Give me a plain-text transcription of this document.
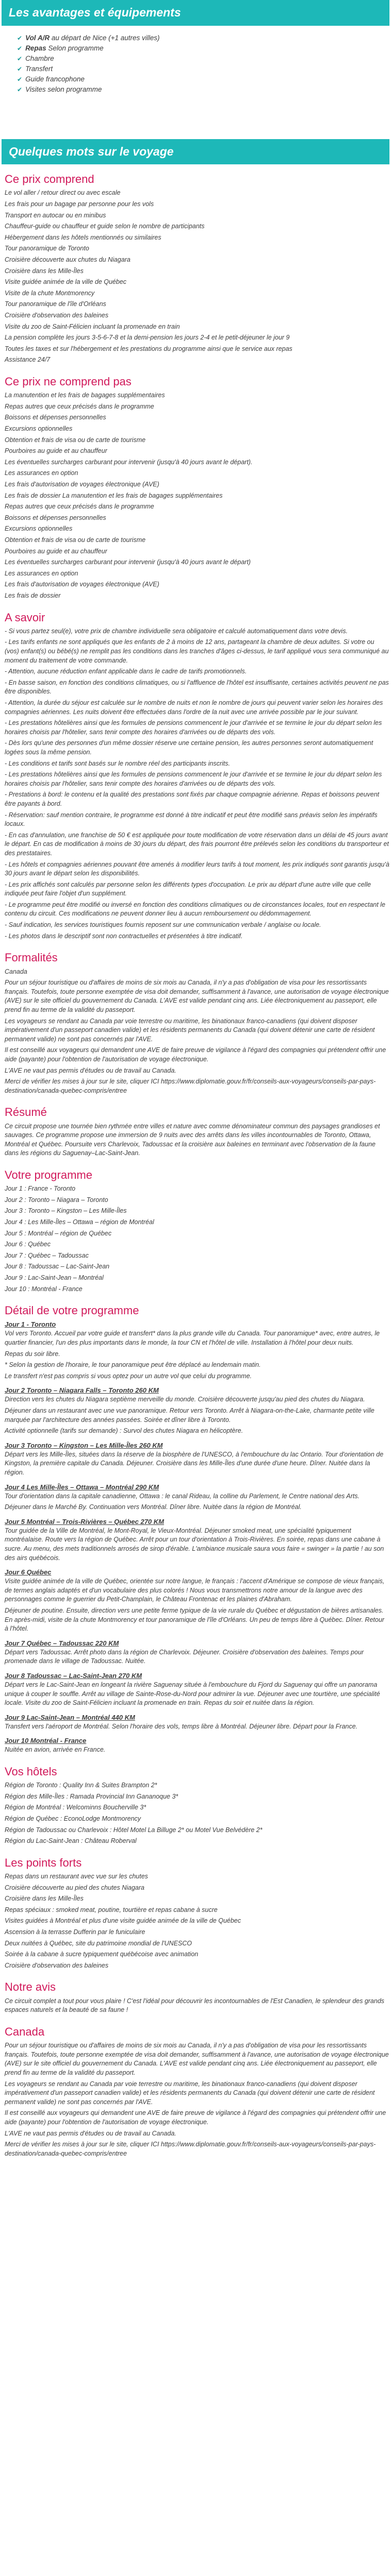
Les avantages et équipements
✔ Vol A/R au départ de Nice (+1 autres villes)
✔ Repas Selon programme
✔ Chambre
✔ Transfert
✔ Guide francophone
✔ Visites selon programme
Quelques mots sur le voyage
Ce prix comprend

Le vol aller / retour direct ou avec escale

Les frais pour un bagage par personne pour les vols

Transport en autocar ou en minibus

Chauffeur-guide ou chauffeur et guide selon le nombre de participants

Hébergement dans les hôtels mentionnés ou similaires

Tour panoramique de Toronto

Croisière découverte aux chutes du Niagara

Croisière dans les Mille-Îles

Visite guidée animée de la ville de Québec

Visite de la chute Montmorency

Tour panoramique de l'île d'Orléans

Croisière d'observation des baleines

Visite du zoo de Saint-Félicien incluant la promenade en train

La pension complète les jours 3-5-6-7-8 et la demi-pension les jours 2-4 et le petit-déjeuner le jour 9

Toutes les taxes et sur l'hébergement et les prestations du programme ainsi que le service aux repas

Assistance 24/7

Ce prix ne comprend pas

La manutention et les frais de bagages supplémentaires

Repas autres que ceux précisés dans le programme

Boissons et dépenses personnelles

Excursions optionnelles

Obtention et frais de visa ou de carte de tourisme

Pourboires au guide et au chauffeur

Les éventuelles surcharges carburant pour intervenir (jusqu'à 40 jours avant le départ).

Les assurances en option

Les frais d'autorisation de voyages électronique (AVE)

Les frais de dossier La manutention et les frais de bagages supplémentaires

Repas autres que ceux précisés dans le programme

Boissons et dépenses personnelles

Excursions optionnelles

Obtention et frais de visa ou de carte de tourisme

Pourboires au guide et au chauffeur

Les éventuelles surcharges carburant pour intervenir (jusqu'à 40 jours avant le départ)

Les assurances en option

Les frais d'autorisation de voyages électronique (AVE)

Les frais de dossier

A savoir

- Si vous partez seul(e), votre prix de chambre individuelle sera obligatoire et calculé automatiquement dans votre devis.

- Les tarifs enfants ne sont appliqués que les enfants de 2 à moins de 12 ans, partageant la chambre de deux adultes. Si votre ou (vos) enfant(s) ou bébé(s) ne remplit pas les conditions dans les tranches d'âges ci-dessus, le tarif appliqué vous sera communiqué au moment du traitement de votre commande.

- Attention, aucune réduction enfant applicable dans le cadre de tarifs promotionnels.

- En basse saison, en fonction des conditions climatiques, ou si l'affluence de l'hôtel est insuffisante, certaines activités peuvent ne pas être disponibles.

- Attention, la durée du séjour est calculée sur le nombre de nuits et non le nombre de jours qui peuvent varier selon les horaires des compagnies aériennes. Les nuits doivent être effectuées dans l'ordre de la nuit avec une arrivée possible par le jour suivant.

- Les prestations hôtelières ainsi que les formules de pensions commencent le jour d'arrivée et se termine le jour du départ selon les horaires choisis par l'hôtelier, sans tenir compte des horaires d'arrivées ou de départs des vols.

- Dès lors qu'une des personnes d'un même dossier réserve une certaine pension, les autres personnes seront automatiquement logées sous la même pension.

- Les conditions et tarifs sont basés sur le nombre réel des participants inscrits.

- Les prestations hôtelières ainsi que les formules de pensions commencent le jour d'arrivée et se termine le jour du départ selon les horaires choisis par l'hôtelier, sans tenir compte des horaires d'arrivées ou de départs des vols.

- Prestations à bord: le contenu et la qualité des prestations sont fixés par chaque compagnie aérienne. Repas et boissons peuvent être payants à bord.

- Réservation: sauf mention contraire, le programme est donné à titre indicatif et peut être modifié sans préavis selon les impératifs locaux.

- En cas d'annulation, une franchise de 50 € est appliquée pour toute modification de votre réservation dans un délai de 45 jours avant le départ. En cas de modification à moins de 30 jours du départ, des frais pourront être prélevés selon les conditions du transporteur et des prestataires.

- Les hôtels et compagnies aériennes pouvant être amenés à modifier leurs tarifs à tout moment, les prix indiqués sont garantis jusqu'à 30 jours avant le départ selon les disponibilités.

- Les prix affichés sont calculés par personne selon les différents types d'occupation. Le prix au départ d'une autre ville que celle indiquée peut faire l'objet d'un supplément.

- Le programme peut être modifié ou inversé en fonction des conditions climatiques ou de circonstances locales, tout en respectant le contenu du circuit. Ces modifications ne peuvent donner lieu à aucun remboursement ou dédommagement.

- Sauf indication, les services touristiques fournis reposent sur une communication verbale / anglaise ou locale.

- Les photos dans le descriptif sont non contractuelles et présentées à titre indicatif.

Formalités

Canada

Pour un séjour touristique ou d'affaires de moins de six mois au Canada, il n'y a pas d'obligation de visa pour les ressortissants français. Toutefois, toute personne exemptée de visa doit demander, suffisamment à l'avance, une autorisation de voyage électronique (AVE) sur le site officiel du gouvernement du Canada. L'AVE est valide pendant cinq ans. Liée électroniquement au passeport, elle prend fin au terme de la validité du passeport.

Les voyageurs se rendant au Canada par voie terrestre ou maritime, les binationaux franco-canadiens (qui doivent disposer impérativement d'un passeport canadien valide) et les résidents permanents du Canada (qui doivent détenir une carte de résident permanent valide) ne sont pas concernés par l'AVE.

Il est conseillé aux voyageurs qui demandent une AVE de faire preuve de vigilance à l'égard des compagnies qui prétendent offrir une aide (payante) pour l'obtention de l'autorisation de voyage électronique.

L'AVE ne vaut pas permis d'études ou de travail au Canada.

Merci de vérifier les mises à jour sur le site, cliquer ICI https://www.diplomatie.gouv.fr/fr/conseils-aux-voyageurs/conseils-par-pays-destination/canada-quebec-compris/entree

Résumé

Ce circuit propose une tournée bien rythmée entre villes et nature avec comme dénominateur commun des paysages grandioses et sauvages. Ce programme propose une immersion de 9 nuits avec des arrêts dans les villes incontournables de Toronto, Ottawa, Montréal et Québec. Poursuite vers Charlevoix, Tadoussac et la croisière aux baleines en terminant avec l'observation de la faune dans les régions du Saguenay–Lac-Saint-Jean.

Votre programme

Jour 1 : France - Toronto

Jour 2 : Toronto – Niagara – Toronto

Jour 3 : Toronto – Kingston – Les Mille-Îles

Jour 4 : Les Mille-Îles – Ottawa – région de Montréal

Jour 5 : Montréal – région de Québec

Jour 6 : Québec

Jour 7 : Québec – Tadoussac

Jour 8 : Tadoussac – Lac-Saint-Jean

Jour 9 : Lac-Saint-Jean – Montréal

Jour 10 : Montréal - France

Détail de votre programme

Jour 1 - Toronto

Vol vers Toronto. Accueil par votre guide et transfert* dans la plus grande ville du Canada. Tour panoramique* avec, entre autres, le quartier financier, l'un des plus importants dans le monde, la tour CN et l'hôtel de ville. Installation à l'hôtel pour deux nuits.

Repas du soir libre.

* Selon la gestion de l'horaire, le tour panoramique peut être déplacé au lendemain matin.

Le transfert n'est pas compris si vous optez pour un autre vol que celui du programme.

Jour 2 Toronto – Niagara Falls – Toronto 260 KM

Direction vers les chutes du Niagara septième merveille du monde. Croisière découverte jusqu'au pied des chutes du Niagara.

Déjeuner dans un restaurant avec une vue panoramique. Retour vers Toronto. Arrêt à Niagara-on-the-Lake, charmante petite ville marquée par l'architecture des années passées. Soirée et dîner libre à Toronto.

Activité optionnelle (tarifs sur demande) : Survol des chutes Niagara en hélicoptère.

Jour 3 Toronto – Kingston – Les Mille-Îles 260 KM

Départ vers les Mille-Îles, situées dans la réserve de la biosphère de l'UNESCO, à l'embouchure du lac Ontario. Tour d'orientation de Kingston, la première capitale du Canada. Déjeuner. Croisière dans les Mille-Îles d'une durée d'une heure. Dîner. Nuitée dans la région.

Jour 4 Les Mille-Îles – Ottawa – Montréal 290 KM

Tour d'orientation dans la capitale canadienne, Ottawa : le canal Rideau, la colline du Parlement, le Centre national des Arts.

Déjeuner dans le Marché By. Continuation vers Montréal. Dîner libre. Nuitée dans la région de Montréal.

Jour 5 Montréal – Trois-Rivières – Québec 270 KM

Tour guidée de la Ville de Montréal, le Mont-Royal, le Vieux-Montréal. Déjeuner smoked meat, une spécialité typiquement montréalaise. Route vers la région de Québec. Arrêt pour un tour d'orientation à Trois-Rivières. En soirée, repas dans une cabane à sucre. Au menu, des mets traditionnels arrosés de sirop d'érable. L'ambiance musicale saura vous faire « swinger » la partie ! au son des airs québécois.

Jour 6 Québec

Visite guidée animée de la ville de Québec, orientée sur notre langue, le français : l'accent d'Amérique se compose de vieux français, de termes anglais adaptés et d'un vocabulaire des plus colorés ! Nous vous transmettrons notre amour de la langue avec des personnages comme le guerrier du Petit-Champlain, le Château Frontenac et les plaines d'Abraham.

Déjeuner de poutine. Ensuite, direction vers une petite ferme typique de la vie rurale du Québec et dégustation de bières artisanales. En après-midi, visite de la chute Montmorency et tour panoramique de l'île d'Orléans. Un peu de temps libre à Québec. Dîner. Retour à l'hôtel.

Jour 7 Québec – Tadoussac 220 KM

Départ vers Tadoussac. Arrêt photo dans la région de Charlevoix. Déjeuner. Croisière d'observation des baleines. Temps pour promenade dans le village de Tadoussac. Nuitée.

Jour 8 Tadoussac – Lac-Saint-Jean 270 KM

Départ vers le Lac-Saint-Jean en longeant la rivière Saguenay située à l'embouchure du Fjord du Saguenay qui offre un panorama unique à couper le souffle. Arrêt au village de Sainte-Rose-du-Nord pour admirer la vue. Déjeuner avec une tourtière, une spécialité locale. Visite du zoo de Saint-Félicien incluant la promenade en train. Repas du soir et nuitée dans la région.

Jour 9 Lac-Saint-Jean – Montréal 440 KM

Transfert vers l'aéroport de Montréal. Selon l'horaire des vols, temps libre à Montréal. Déjeuner libre. Départ pour la France.

Jour 10 Montréal - France

Nuitée en avion, arrivée en France.

Vos hôtels

Région de Toronto : Quality Inn & Suites Brampton 2*

Région des Mille-Îles : Ramada Provincial Inn Gananoque 3*

Région de Montréal : Welcominns Boucherville 3*

Région de Québec : EconoLodge Montmorency

Région de Tadoussac ou Charlevoix : Hôtel Motel La Billuge 2* ou Motel Vue Belvédère 2*

Région du Lac-Saint-Jean : Château Roberval

Les points forts

Repas dans un restaurant avec vue sur les chutes

Croisière découverte au pied des chutes Niagara

Croisière dans les Mille-Îles

Repas spéciaux : smoked meat, poutine, tourtière et repas cabane à sucre

Visites guidées à Montréal et plus d'une visite guidée animée de la ville de Québec

Ascension à la terrasse Dufferin par le funiculaire

Deux nuitées à Québec, site du patrimoine mondial de l'UNESCO

Soirée à la cabane à sucre typiquement québécoise avec animation

Croisière d'observation des baleines

Notre avis

Ce circuit complet a tout pour vous plaire ! C'est l'idéal pour découvrir les incontournables de l'Est Canadien, le splendeur des grands espaces naturels et la beauté de sa faune !

Canada

Pour un séjour touristique ou d'affaires de moins de six mois au Canada, il n'y a pas d'obligation de visa pour les ressortissants français. Toutefois, toute personne exemptée de visa doit demander, suffisamment à l'avance, une autorisation de voyage électronique (AVE) sur le site officiel du gouvernement du Canada. L'AVE est valide pendant cinq ans. Liée électroniquement au passeport, elle prend fin au terme de la validité du passeport.

Les voyageurs se rendant au Canada par voie terrestre ou maritime, les binationaux franco-canadiens (qui doivent disposer impérativement d'un passeport canadien valide) et les résidents permanents du Canada (qui doivent détenir une carte de résident permanent valide) ne sont pas concernés par l'AVE.

Il est conseillé aux voyageurs qui demandent une AVE de faire preuve de vigilance à l'égard des compagnies qui prétendent offrir une aide (payante) pour l'obtention de l'autorisation de voyage électronique.

L'AVE ne vaut pas permis d'études ou de travail au Canada.

Merci de vérifier les mises à jour sur le site, cliquer ICI https://www.diplomatie.gouv.fr/fr/conseils-aux-voyageurs/conseils-par-pays-destination/canada-quebec-compris/entree
